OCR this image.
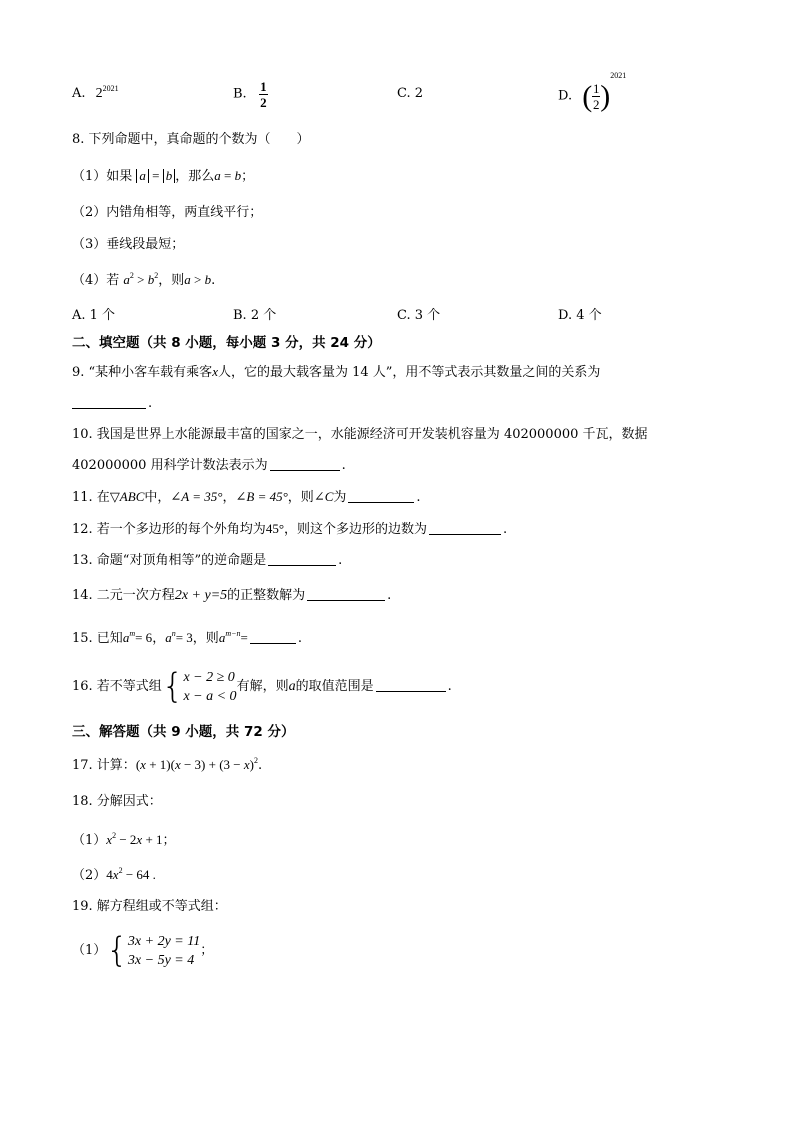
A. $2^{2021}$	B. $\frac{1}{2}$	C. 2	D. ( $\frac{1}{2} )^{2021}$
8. 下列命题中，真命题的个数为（　　）
（1）如果 a = b ，那么a = b；
（2）内错角相等，两直线平行；
（3）垂线段最短；
（4）若 $a^2 > b^2$，则a > b.
A. 1 个	B. 2 个	C. 3 个	D. 4 个
二、填空题（共 8 小题，每小题 3 分，共 24 分）
9. “某种小客车载有乘客x人，它的最大载客量为 14 人”，用不等式表示其数量之间的关系为
.
10. 我国是世界上水能源最丰富的国家之一，水能源经济可开发装机容量为 402000000 千瓦，数据
402000000 用科学计数法表示为	.
11. 在▽ABC中，∠A = 35°，∠B = 45°，则∠C为	.
12. 若一个多边形的每个外角均为45°，则这个多边形的边数为	.
13. 命题“对顶角相等”的逆命题是	.
14. 二元一次方程2x + y=5的正整数解为	.
15. 已知$a^m= 6$，$a^n= 3$，则$a^{m-n}=$	.
16. 若不等式组{ x − 2 ≥ 0
x − a < 0
有解，则a的取值范围是	.
三、解答题（共 9 小题，共 72 分）
17. 计算：$(x + 1)(x - 3) + (3 - x)^2$.
18. 分解因式：
$(1)x^2 - 2x + 1$；
$(2)4x^2 - 64$ .
19. 解方程组或不等式组：
（1）{ 3x + 2y = 11
3x − 5y = 4
；
